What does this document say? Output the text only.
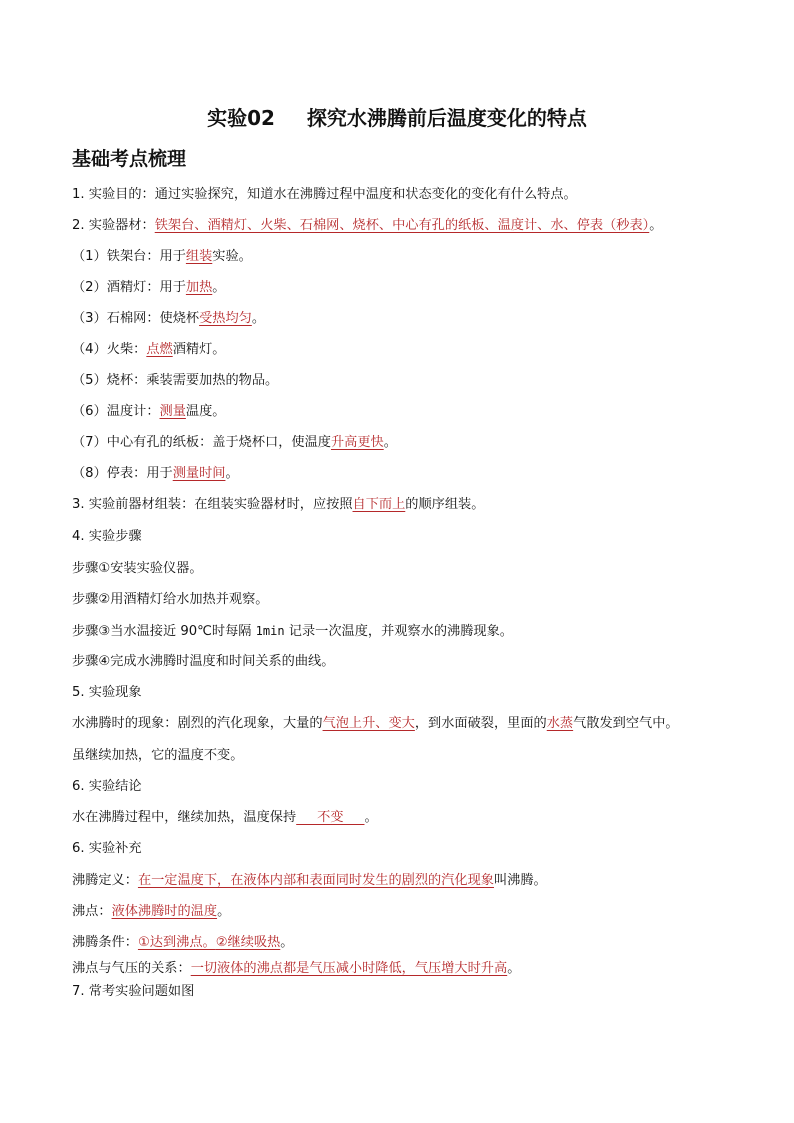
实验02 探究水沸腾前后温度变化的特点
基础考点梳理
1. 实验目的：通过实验探究，知道水在沸腾过程中温度和状态变化的变化有什么特点。
2. 实验器材：铁架台、酒精灯、火柴、石棉网、烧杯、中心有孔的纸板、温度计、水、停表（秒表）。
（1）铁架台：用于组装实验。
（2）酒精灯：用于加热。
（3）石棉网：使烧杯受热均匀。
（4）火柴：点燃酒精灯。
（5）烧杯：乘装需要加热的物品。
（6）温度计：测量温度。
（7）中心有孔的纸板：盖于烧杯口，使温度升高更快。
（8）停表：用于测量时间。
3. 实验前器材组装：在组装实验器材时，应按照自下而上的顺序组装。
4. 实验步骤
步骤①安装实验仪器。
步骤②用酒精灯给水加热并观察。
步骤③当水温接近 90℃时每隔 1min 记录一次温度，并观察水的沸腾现象。
步骤④完成水沸腾时温度和时间关系的曲线。
5. 实验现象
水沸腾时的现象：剧烈的汽化现象，大量的气泡上升、变大，到水面破裂，里面的水蒸气散发到空气中。
虽继续加热，它的温度不变。
6. 实验结论
水在沸腾过程中，继续加热，温度保持     不变     。
6. 实验补充
沸腾定义：在一定温度下，在液体内部和表面同时发生的剧烈的汽化现象叫沸腾。
沸点：液体沸腾时的温度。
沸腾条件：①达到沸点。②继续吸热。
沸点与气压的关系：一切液体的沸点都是气压减小时降低，气压增大时升高。
7. 常考实验问题如图
